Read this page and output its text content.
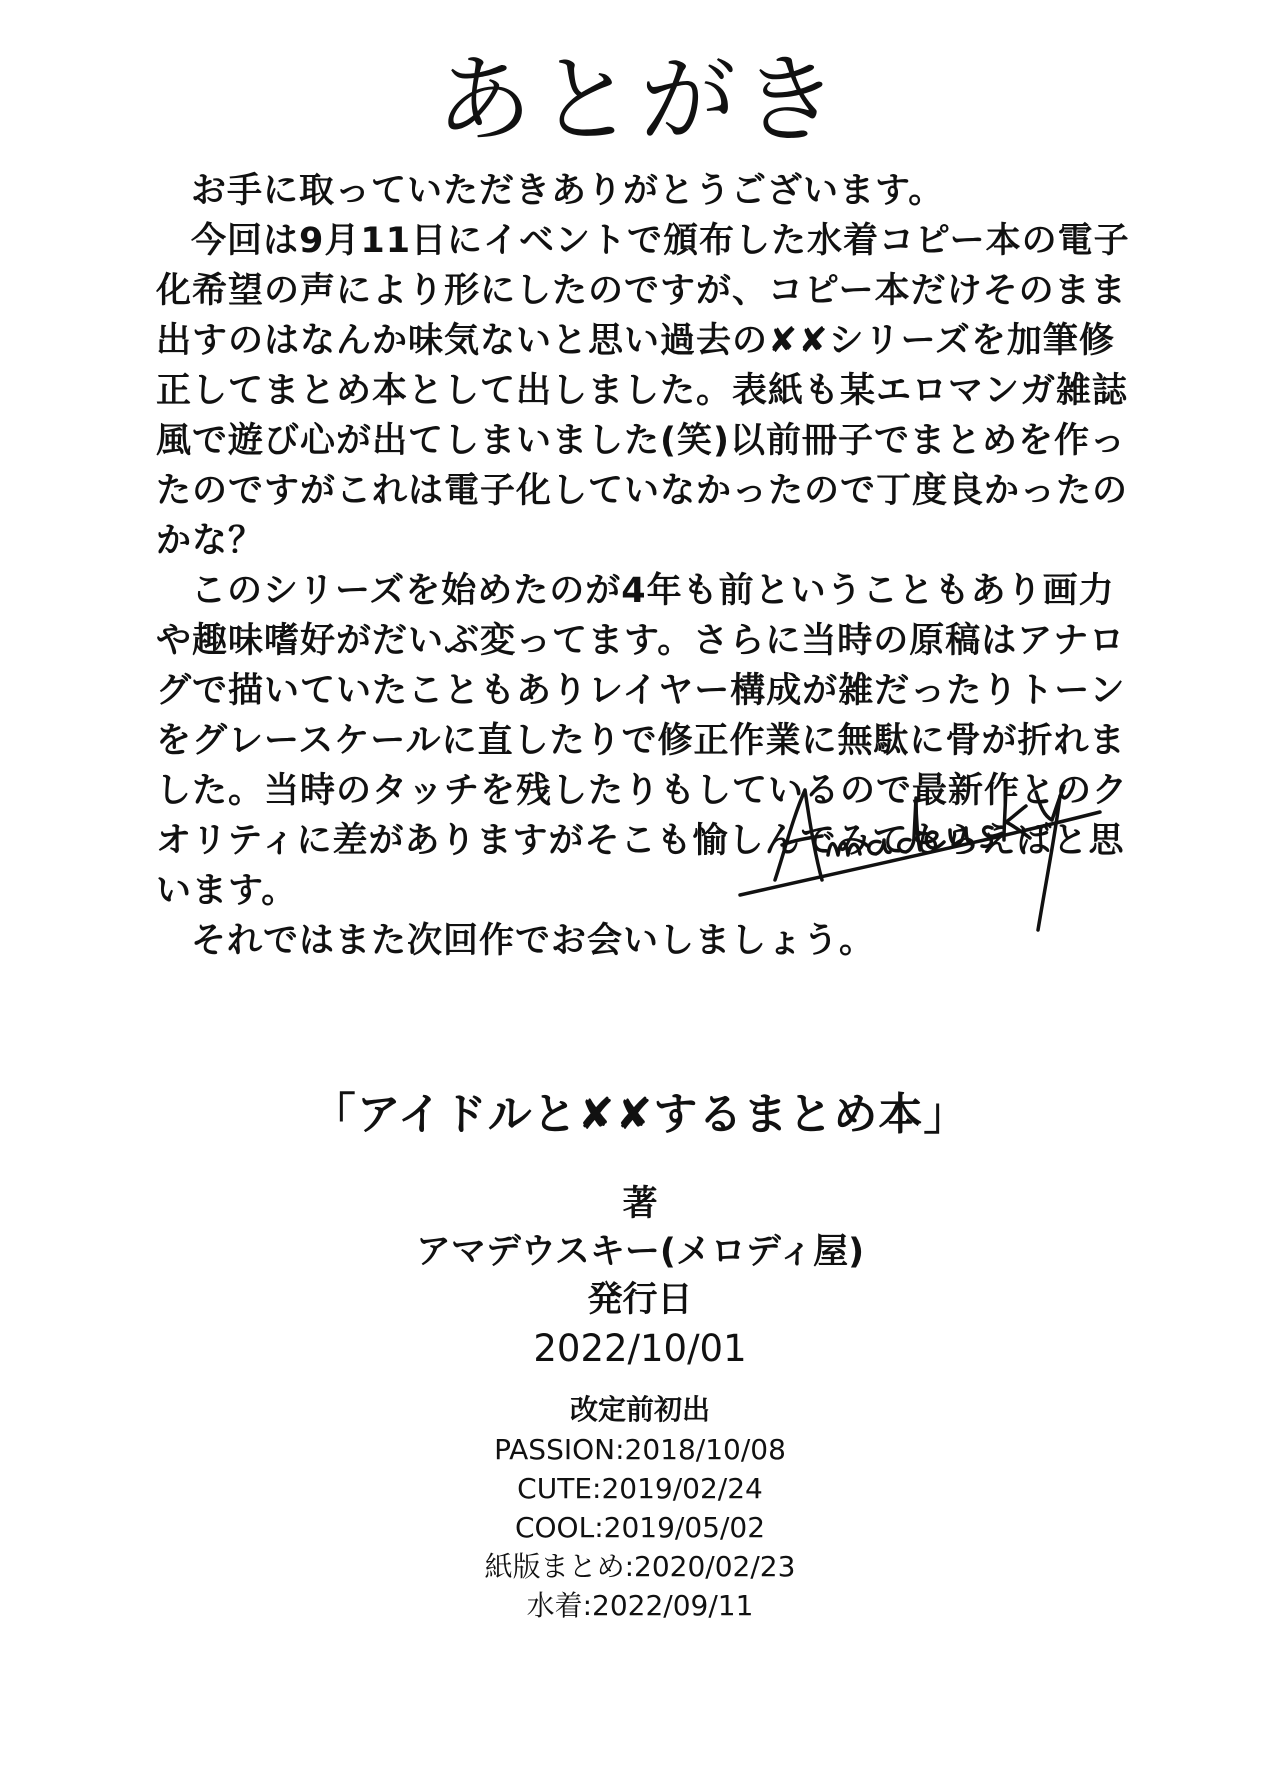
あとがき

お手に取っていただきありがとうございます。

今回は9月11日にイベントで頒布した水着コピー本の電子化希望の声により形にしたのですが、コピー本だけそのまま出すのはなんか味気ないと思い過去の✘✘シリーズを加筆修正してまとめ本として出しました。表紙も某エロマンガ雑誌風で遊び心が出てしまいました(笑)以前冊子でまとめを作ったのですがこれは電子化していなかったので丁度良かったのかな？

このシリーズを始めたのが4年も前ということもあり画力や趣味嗜好がだいぶ変ってます。さらに当時の原稿はアナログで描いていたこともありレイヤー構成が雑だったりトーンをグレースケールに直したりで修正作業に無駄に骨が折れました。当時のタッチを残したりもしているので最新作とのクオリティに差がありますがそこも愉しんでみてもらえばと思います。

それではまた次回作でお会いしましょう。

「アイドルと✘✘するまとめ本」

著
アマデウスキー(メロディ屋)
発行日
2022/10/01
改定前初出
PASSION:2018/10/08
CUTE:2019/02/24
COOL:2019/05/02
紙版まとめ:2020/02/23
水着:2022/09/11
